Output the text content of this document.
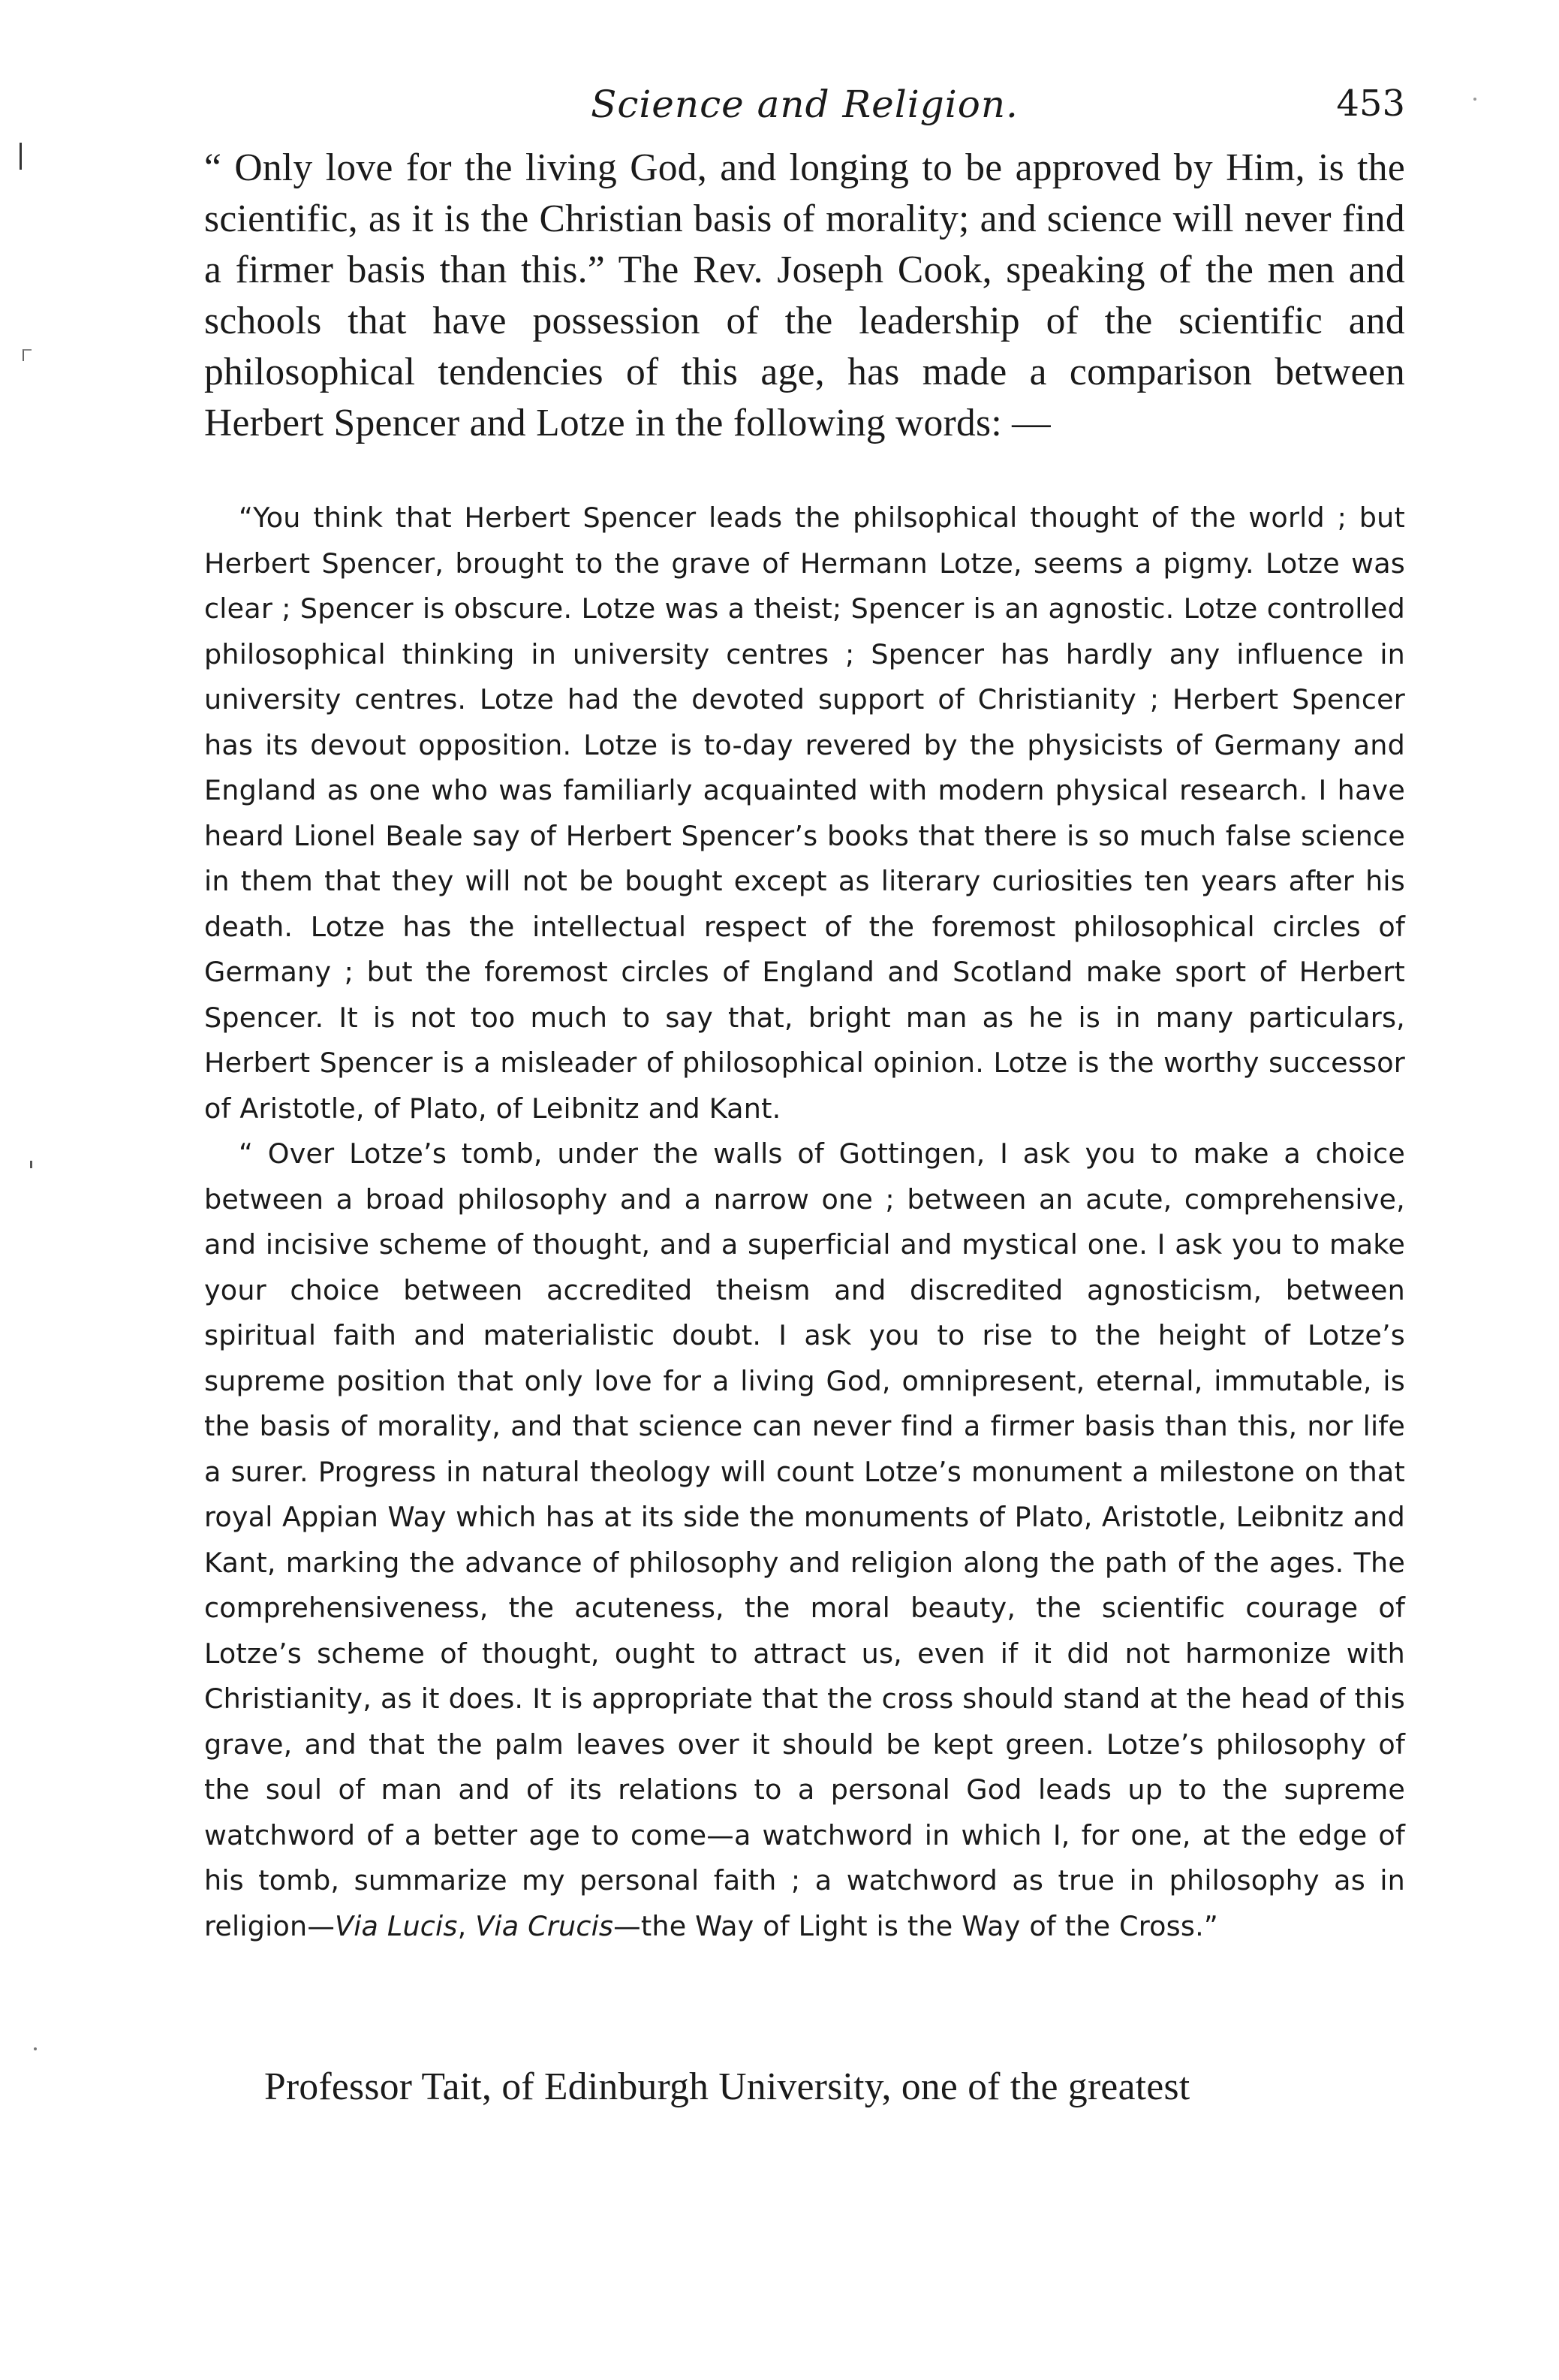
Science and Religion.	453

“ Only love for the living God, and longing to be approved by Him, is the scientific, as it is the Christian basis of morality; and science will never find a firmer basis than this.” The Rev. Joseph Cook, speaking of the men and schools that have possession of the leadership of the scientific and philosophical tendencies of this age, has made a comparison between Herbert Spencer and Lotze in the following words: —

“You think that Herbert Spencer leads the philsophical thought of the world ; but Herbert Spencer, brought to the grave of Hermann Lotze, seems a pigmy. Lotze was clear ; Spencer is obscure. Lotze was a theist; Spencer is an agnostic. Lotze controlled philosophical thinking in university centres ; Spencer has hardly any influence in university centres. Lotze had the devoted support of Christianity ; Herbert Spencer has its devout opposition. Lotze is to-day revered by the physicists of Germany and England as one who was familiarly acquainted with modern physical research. I have heard Lionel Beale say of Herbert Spencer’s books that there is so much false science in them that they will not be bought except as literary curiosities ten years after his death. Lotze has the intellectual respect of the foremost philosophical circles of Germany ; but the foremost circles of England and Scotland make sport of Herbert Spencer. It is not too much to say that, bright man as he is in many particulars, Herbert Spencer is a misleader of philosophical opinion. Lotze is the worthy successor of Aristotle, of Plato, of Leibnitz and Kant.

“ Over Lotze’s tomb, under the walls of Gottingen, I ask you to make a choice between a broad philosophy and a narrow one ; between an acute, comprehensive, and incisive scheme of thought, and a superficial and mystical one. I ask you to make your choice between accredited theism and discredited agnosticism, between spiritual faith and materialistic doubt. I ask you to rise to the height of Lotze’s supreme position that only love for a living God, omnipresent, eternal, immutable, is the basis of morality, and that science can never find a firmer basis than this, nor life a surer. Progress in natural theology will count Lotze’s monument a milestone on that royal Appian Way which has at its side the monuments of Plato, Aristotle, Leibnitz and Kant, marking the advance of philosophy and religion along the path of the ages. The comprehensiveness, the acuteness, the moral beauty, the scientific courage of Lotze’s scheme of thought, ought to attract us, even if it did not harmonize with Christianity, as it does. It is appropriate that the cross should stand at the head of this grave, and that the palm leaves over it should be kept green. Lotze’s philosophy of the soul of man and of its relations to a personal God leads up to the supreme watchword of a better age to come—a watchword in which I, for one, at the edge of his tomb, summarize my personal faith ; a watchword as true in philosophy as in religion—Via Lucis, Via Crucis—the Way of Light is the Way of the Cross.”

Professor Tait, of Edinburgh University, one of the greatest
